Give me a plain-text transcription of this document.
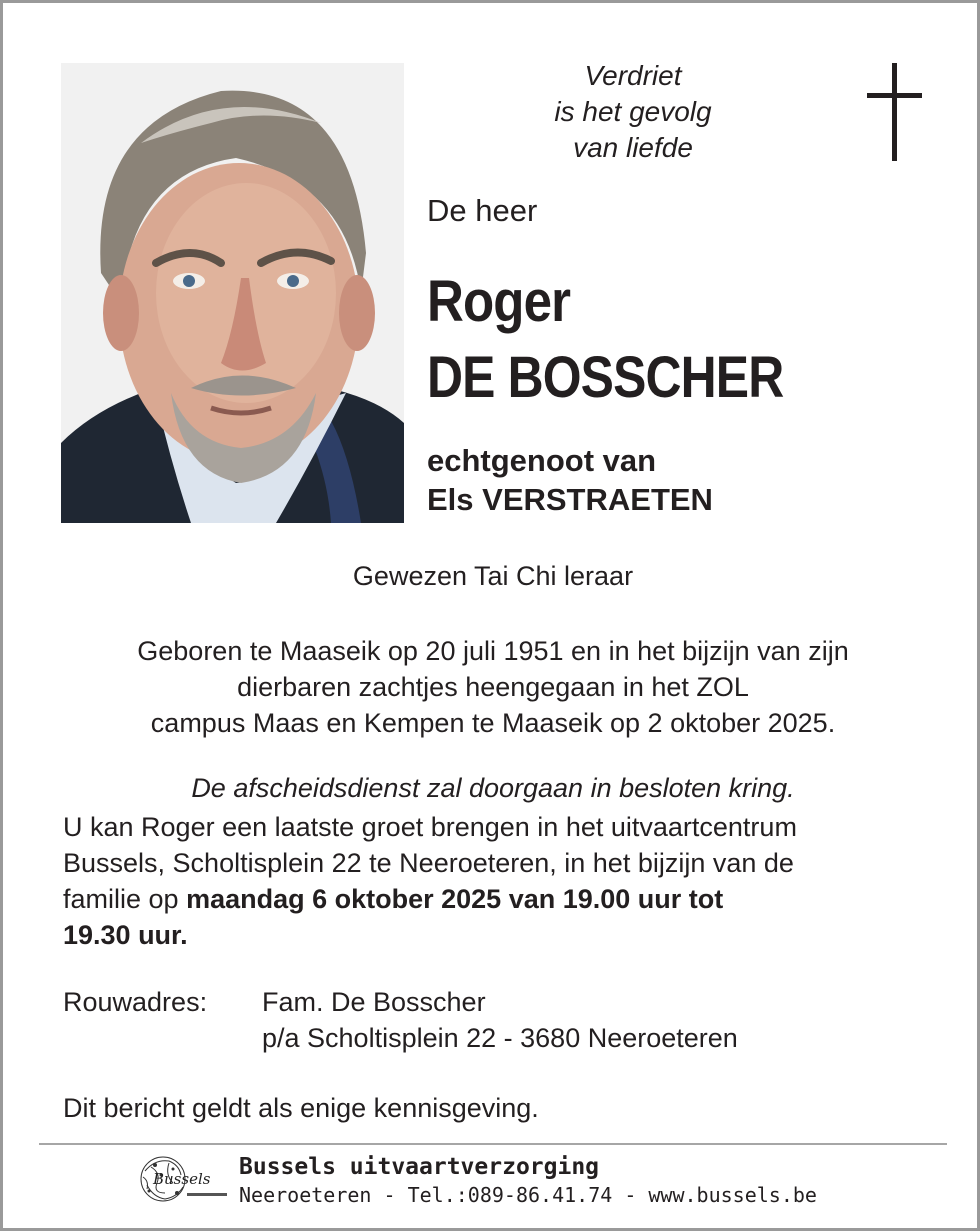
Verdriet
is het gevolg
van liefde
De heer
Roger
DE BOSSCHER
echtgenoot van
Els VERSTRAETEN
Gewezen Tai Chi leraar
Geboren te Maaseik op 20 juli 1951 en in het bijzijn van zijn
dierbaren zachtjes heengegaan in het ZOL
campus Maas en Kempen te Maaseik op 2 oktober 2025.
De afscheidsdienst zal doorgaan in besloten kring.
U kan Roger een laatste groet brengen in het uitvaartcentrum
Bussels, Scholtisplein 22 te Neeroeteren, in het bijzijn van de
familie op maandag 6 oktober 2025 van 19.00 uur tot
19.30 uur.
Rouwadres: Fam. De Bosscher
p/a Scholtisplein 22 - 3680 Neeroeteren
Dit bericht geldt als enige kennisgeving.
Bussels Bussels uitvaartverzorging
Neeroeteren - Tel.:089-86.41.74 - www.bussels.be
